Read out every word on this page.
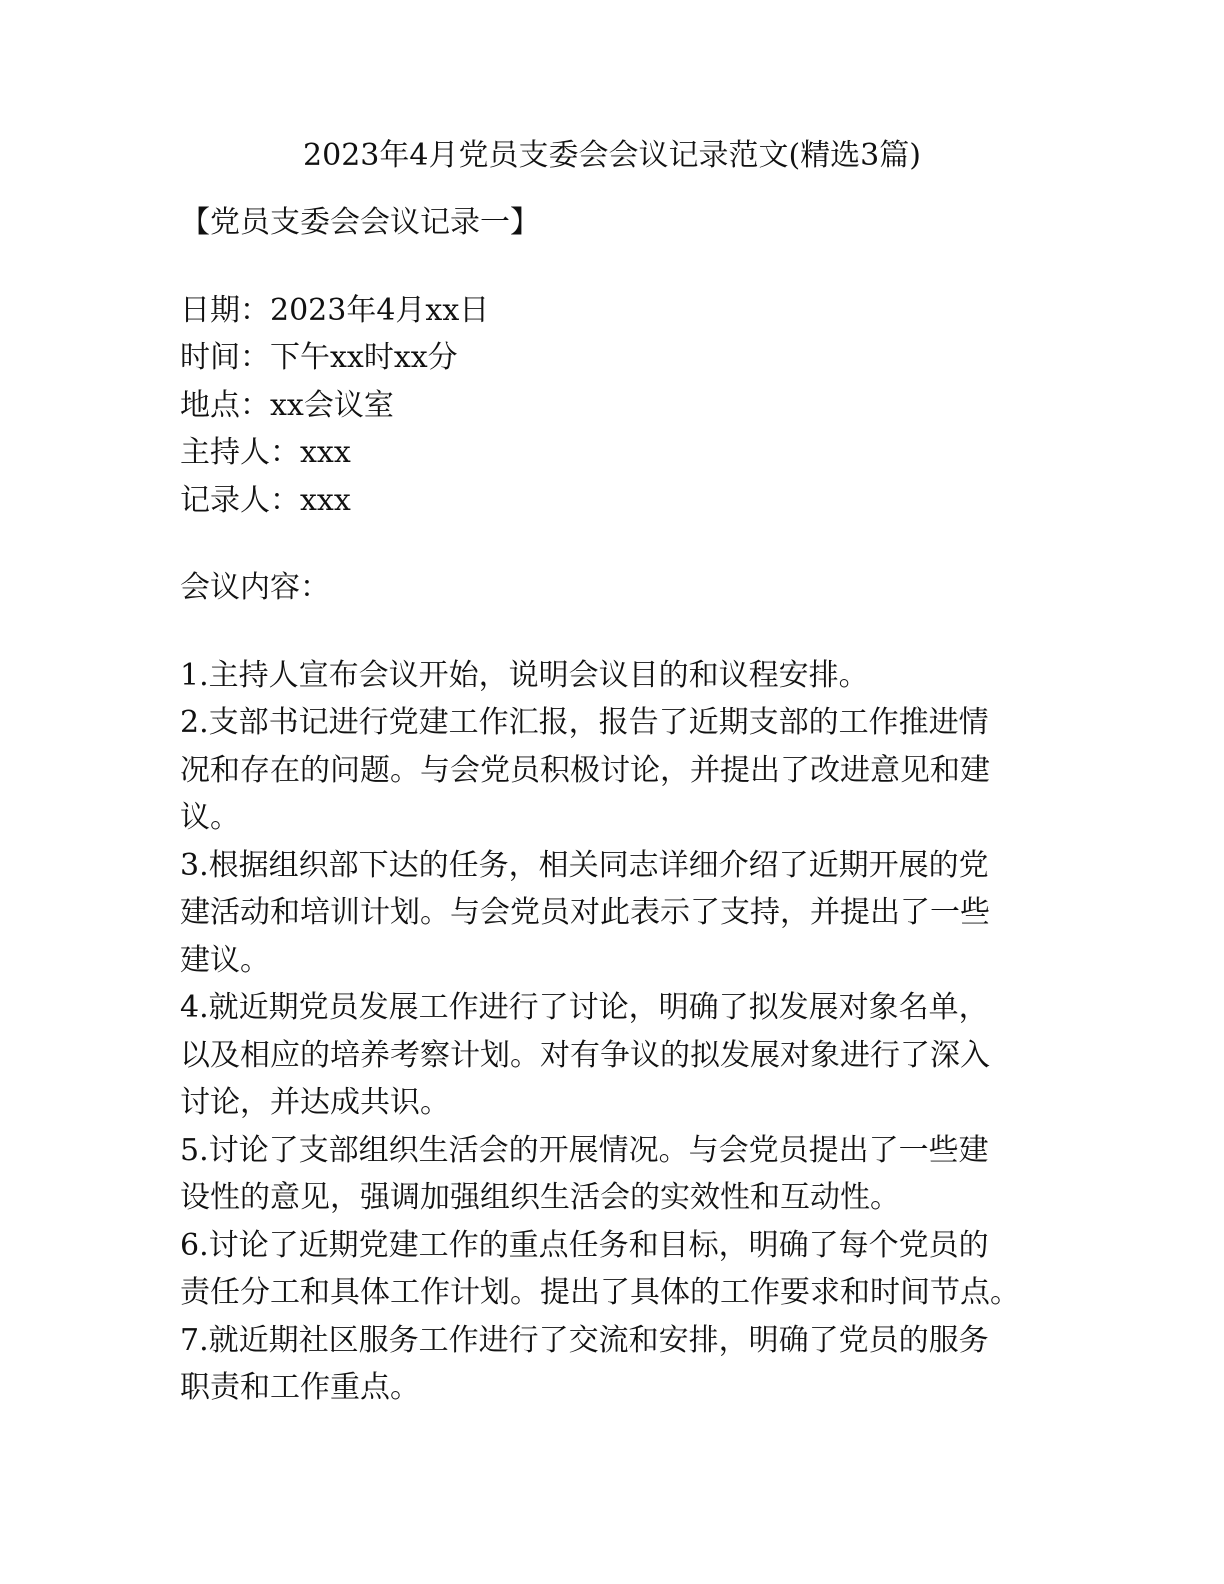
2023年4月党员支委会会议记录范文(精选3篇)
【党员支委会会议记录一】
日期：2023年4月xx日
时间：下午xx时xx分
地点：xx会议室
主持人：xxx
记录人：xxx
会议内容：
1.主持人宣布会议开始，说明会议目的和议程安排。
2.支部书记进行党建工作汇报，报告了近期支部的工作推进情
况和存在的问题。与会党员积极讨论，并提出了改进意见和建
议。
3.根据组织部下达的任务，相关同志详细介绍了近期开展的党
建活动和培训计划。与会党员对此表示了支持，并提出了一些
建议。
4.就近期党员发展工作进行了讨论，明确了拟发展对象名单，
以及相应的培养考察计划。对有争议的拟发展对象进行了深入
讨论，并达成共识。
5.讨论了支部组织生活会的开展情况。与会党员提出了一些建
设性的意见，强调加强组织生活会的实效性和互动性。
6.讨论了近期党建工作的重点任务和目标，明确了每个党员的
责任分工和具体工作计划。提出了具体的工作要求和时间节点。
7.就近期社区服务工作进行了交流和安排，明确了党员的服务
职责和工作重点。
